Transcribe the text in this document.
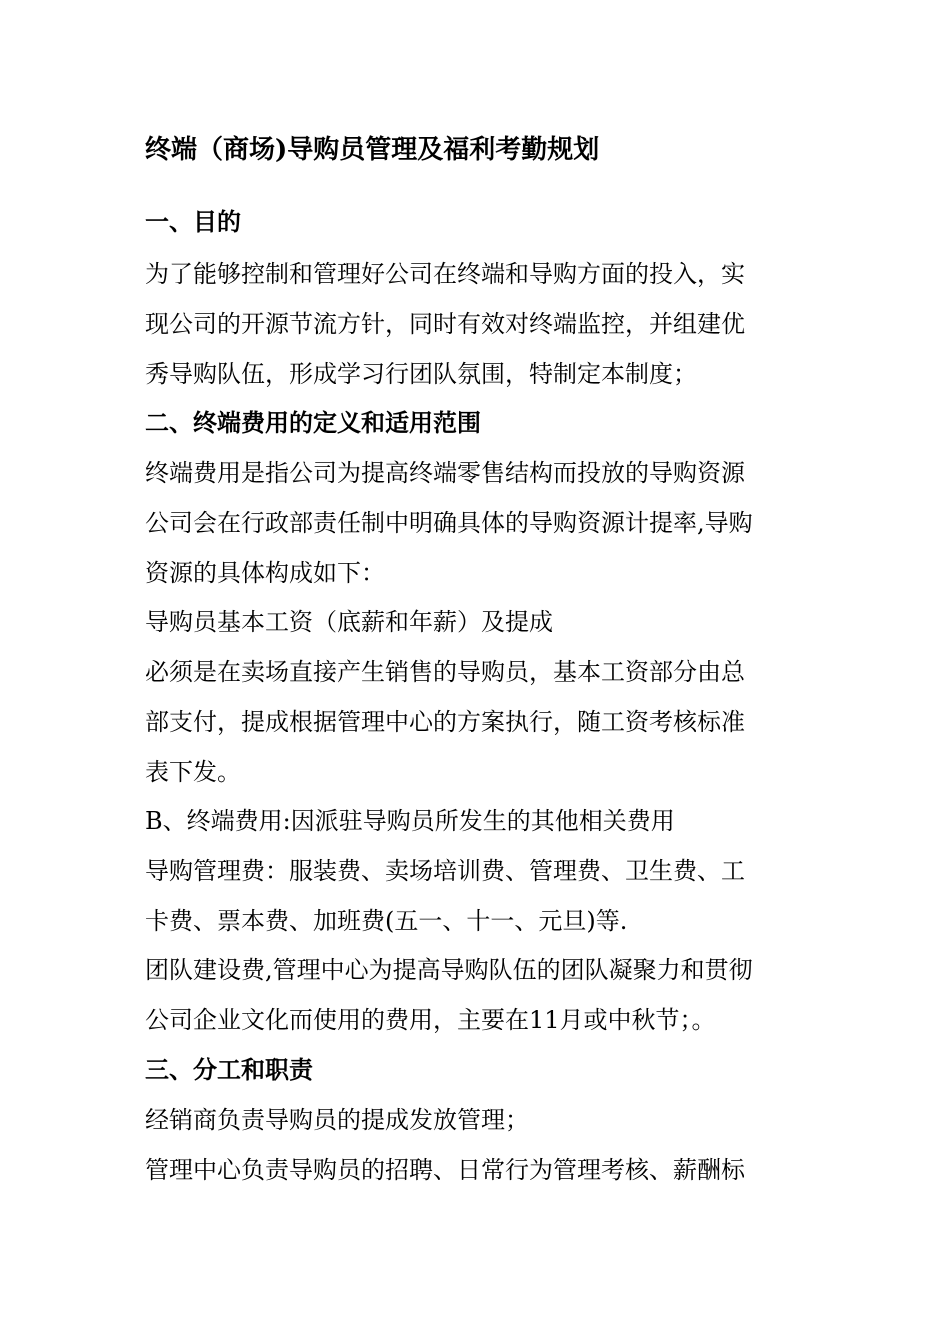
终端（商场)导购员管理及福利考勤规划
一、目的
为了能够控制和管理好公司在终端和导购方面的投入，实
现公司的开源节流方针，同时有效对终端监控，并组建优
秀导购队伍，形成学习行团队氛围，特制定本制度；
二、终端费用的定义和适用范围
终端费用是指公司为提高终端零售结构而投放的导购资源
公司会在行政部责任制中明确具体的导购资源计提率,导购
资源的具体构成如下：
导购员基本工资（底薪和年薪）及提成
必须是在卖场直接产生销售的导购员，基本工资部分由总
部支付，提成根据管理中心的方案执行，随工资考核标准
表下发。
B、终端费用:因派驻导购员所发生的其他相关费用
导购管理费：服装费、卖场培训费、管理费、卫生费、工
卡费、票本费、加班费(五一、十一、元旦)等.
团队建设费,管理中心为提高导购队伍的团队凝聚力和贯彻
公司企业文化而使用的费用，主要在11月或中秋节；。
三、分工和职责
经销商负责导购员的提成发放管理；
管理中心负责导购员的招聘、日常行为管理考核、薪酬标
